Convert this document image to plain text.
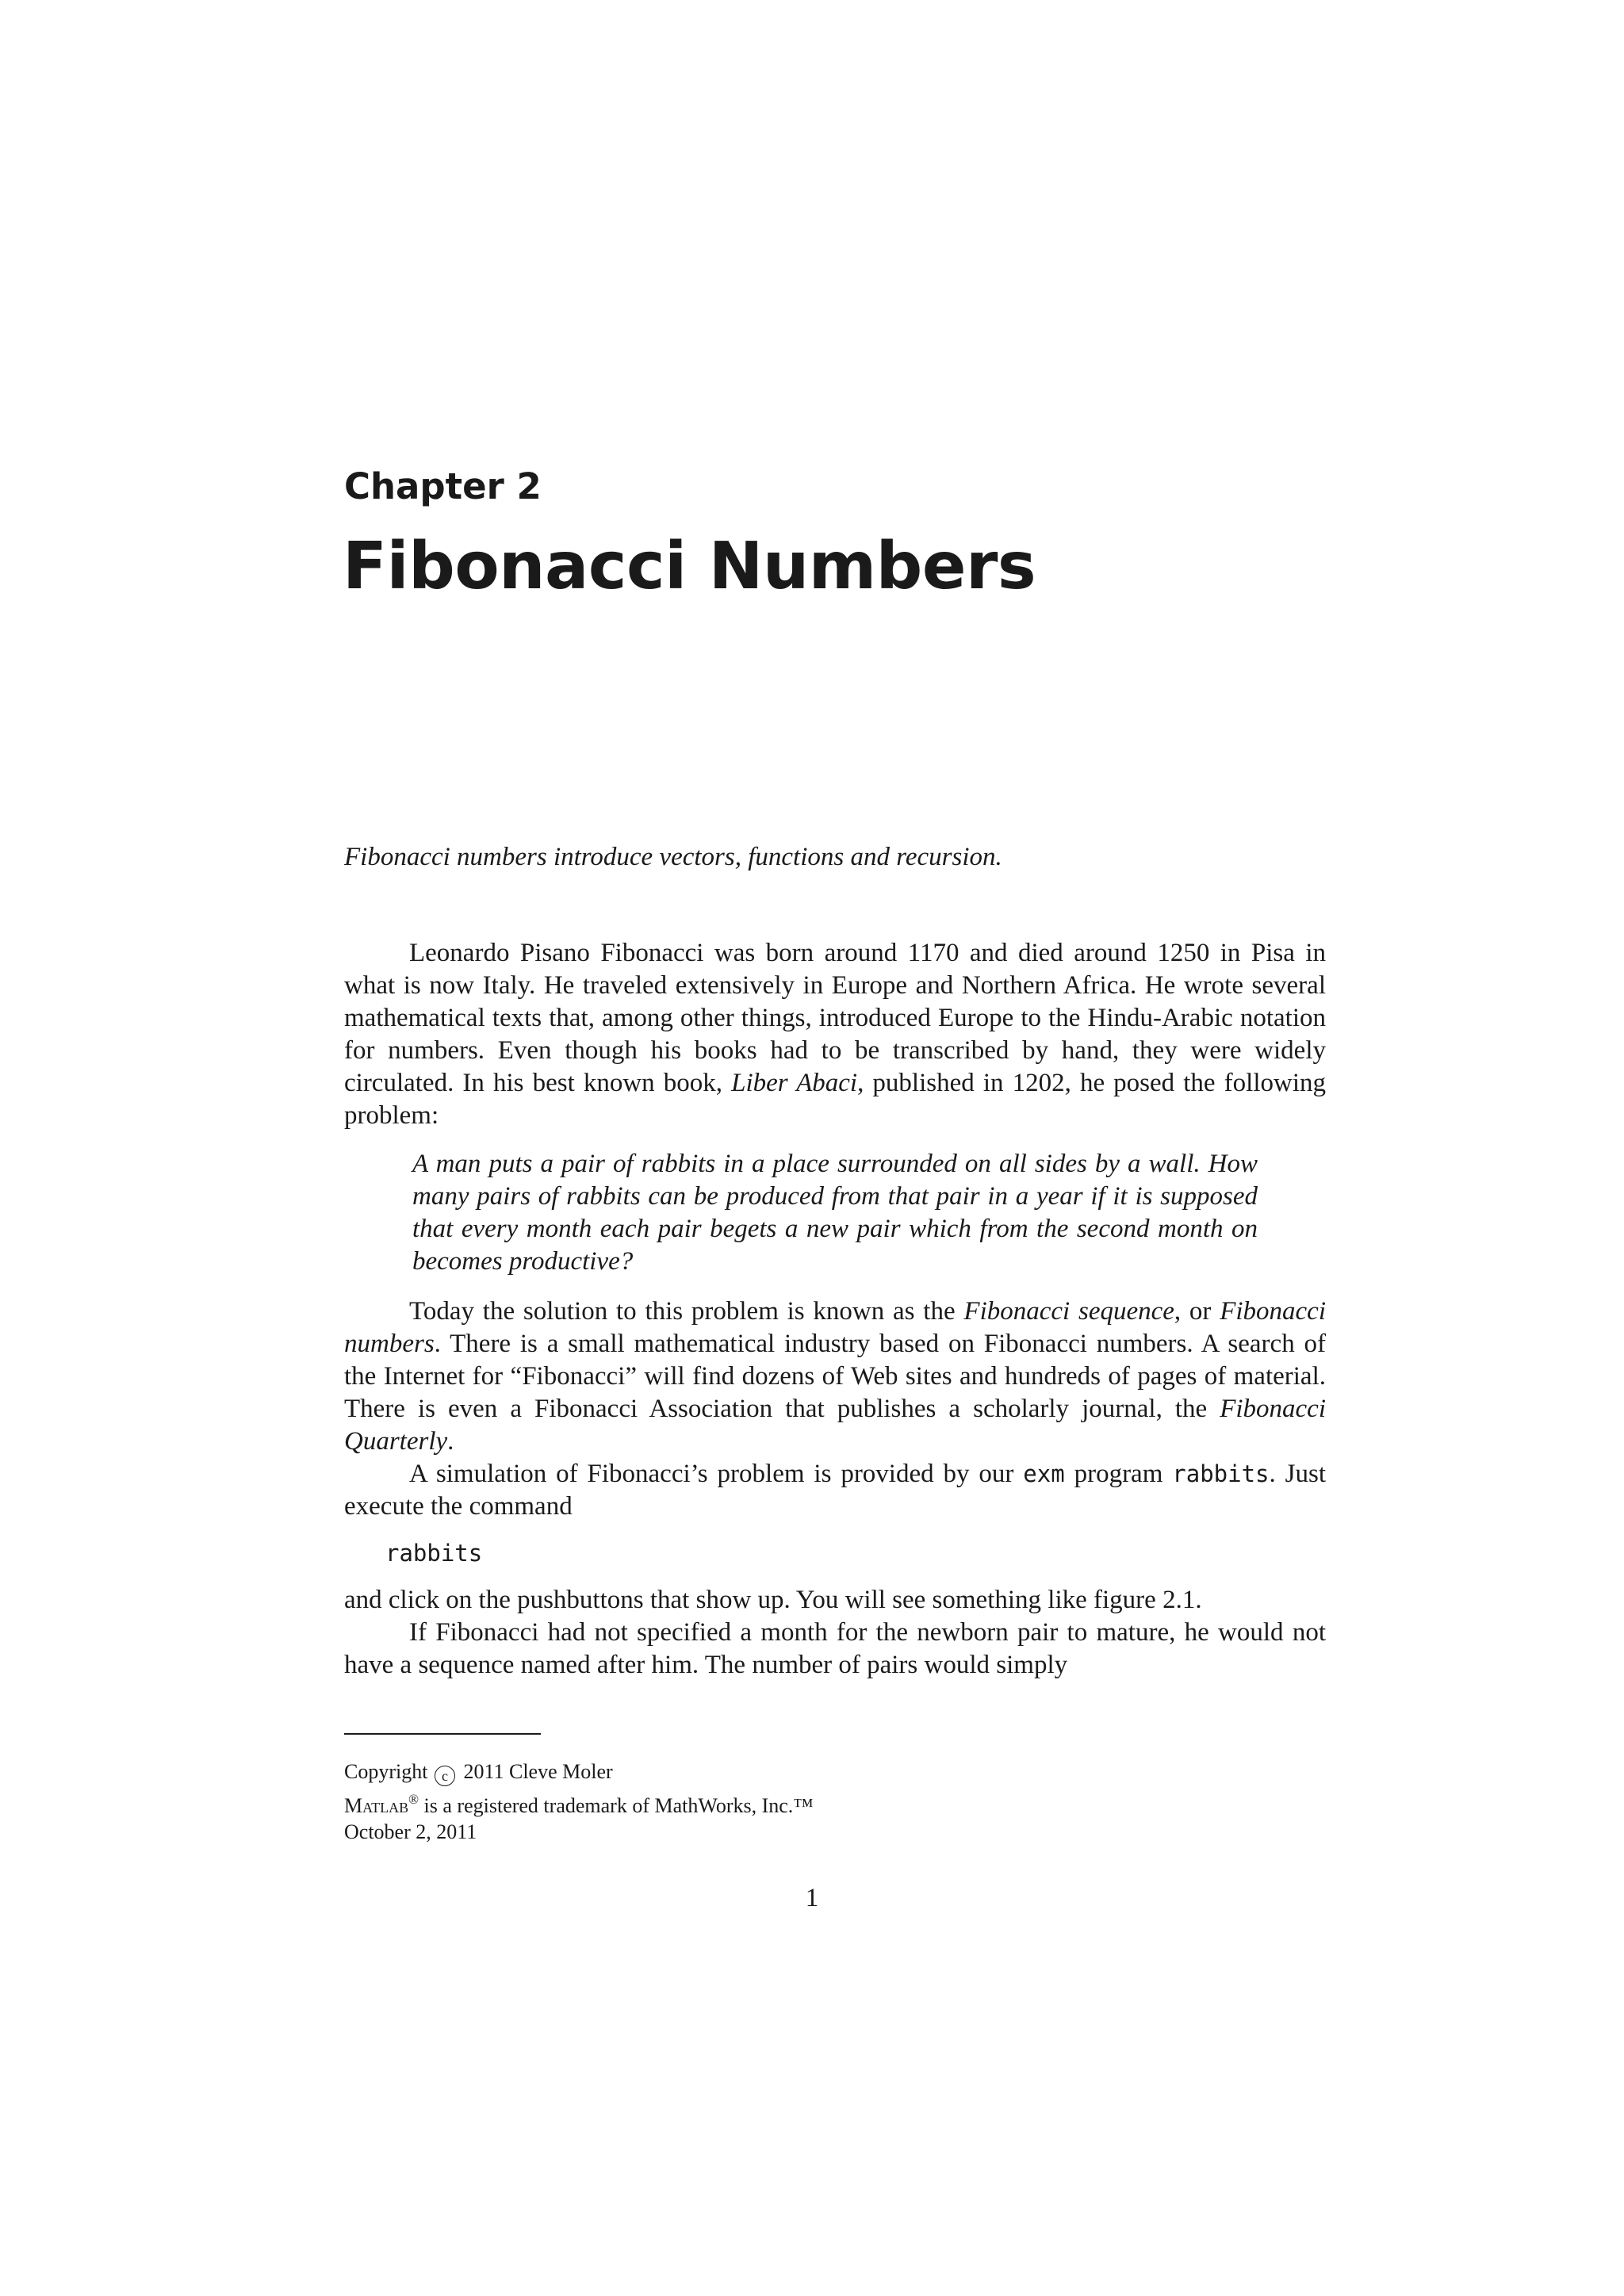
Chapter 2
Fibonacci Numbers
Fibonacci numbers introduce vectors, functions and recursion.

Leonardo Pisano Fibonacci was born around 1170 and died around 1250 in Pisa in what is now Italy. He traveled extensively in Europe and Northern Africa. He wrote several mathematical texts that, among other things, introduced Europe to the Hindu-Arabic notation for numbers. Even though his books had to be transcribed by hand, they were widely circulated. In his best known book, Liber Abaci, published in 1202, he posed the following problem:

A man puts a pair of rabbits in a place surrounded on all sides by a wall. How many pairs of rabbits can be produced from that pair in a year if it is supposed that every month each pair begets a new pair which from the second month on becomes productive?

Today the solution to this problem is known as the Fibonacci sequence, or Fibonacci numbers. There is a small mathematical industry based on Fibonacci numbers. A search of the Internet for “Fibonacci” will find dozens of Web sites and hundreds of pages of material. There is even a Fibonacci Association that publishes a scholarly journal, the Fibonacci Quarterly.

A simulation of Fibonacci’s problem is provided by our exm program rabbits. Just execute the command

rabbits

and click on the pushbuttons that show up. You will see something like figure 2.1.

If Fibonacci had not specified a month for the newborn pair to mature, he would not have a sequence named after him. The number of pairs would simply

Copyright c 2011 Cleve Moler
Matlab® is a registered trademark of MathWorks, Inc.™
October 2, 2011
1
